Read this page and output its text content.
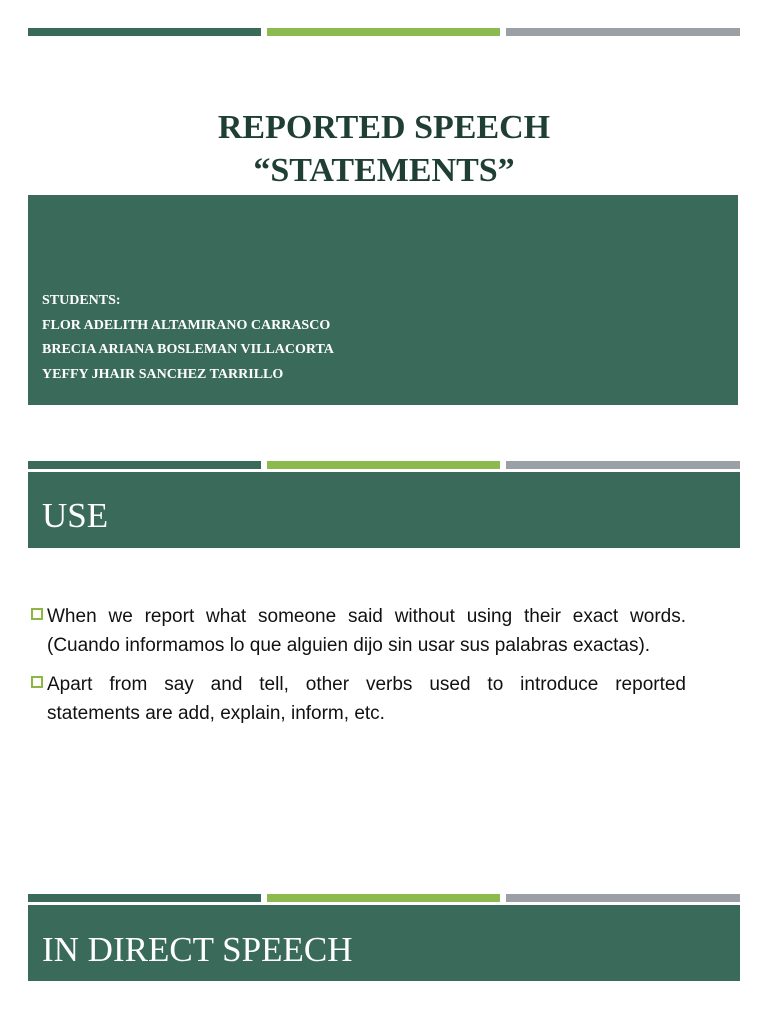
REPORTED SPEECH
“STATEMENTS”
STUDENTS:
FLOR ADELITH ALTAMIRANO CARRASCO
BRECIA ARIANA BOSLEMAN VILLACORTA
YEFFY JHAIR SANCHEZ TARRILLO
USE
When we report what someone said without using their exact words.
(Cuando informamos lo que alguien dijo sin usar sus palabras exactas).
Apart from say and tell, other verbs used to introduce reported
statements are add, explain, inform, etc.
IN DIRECT SPEECH
